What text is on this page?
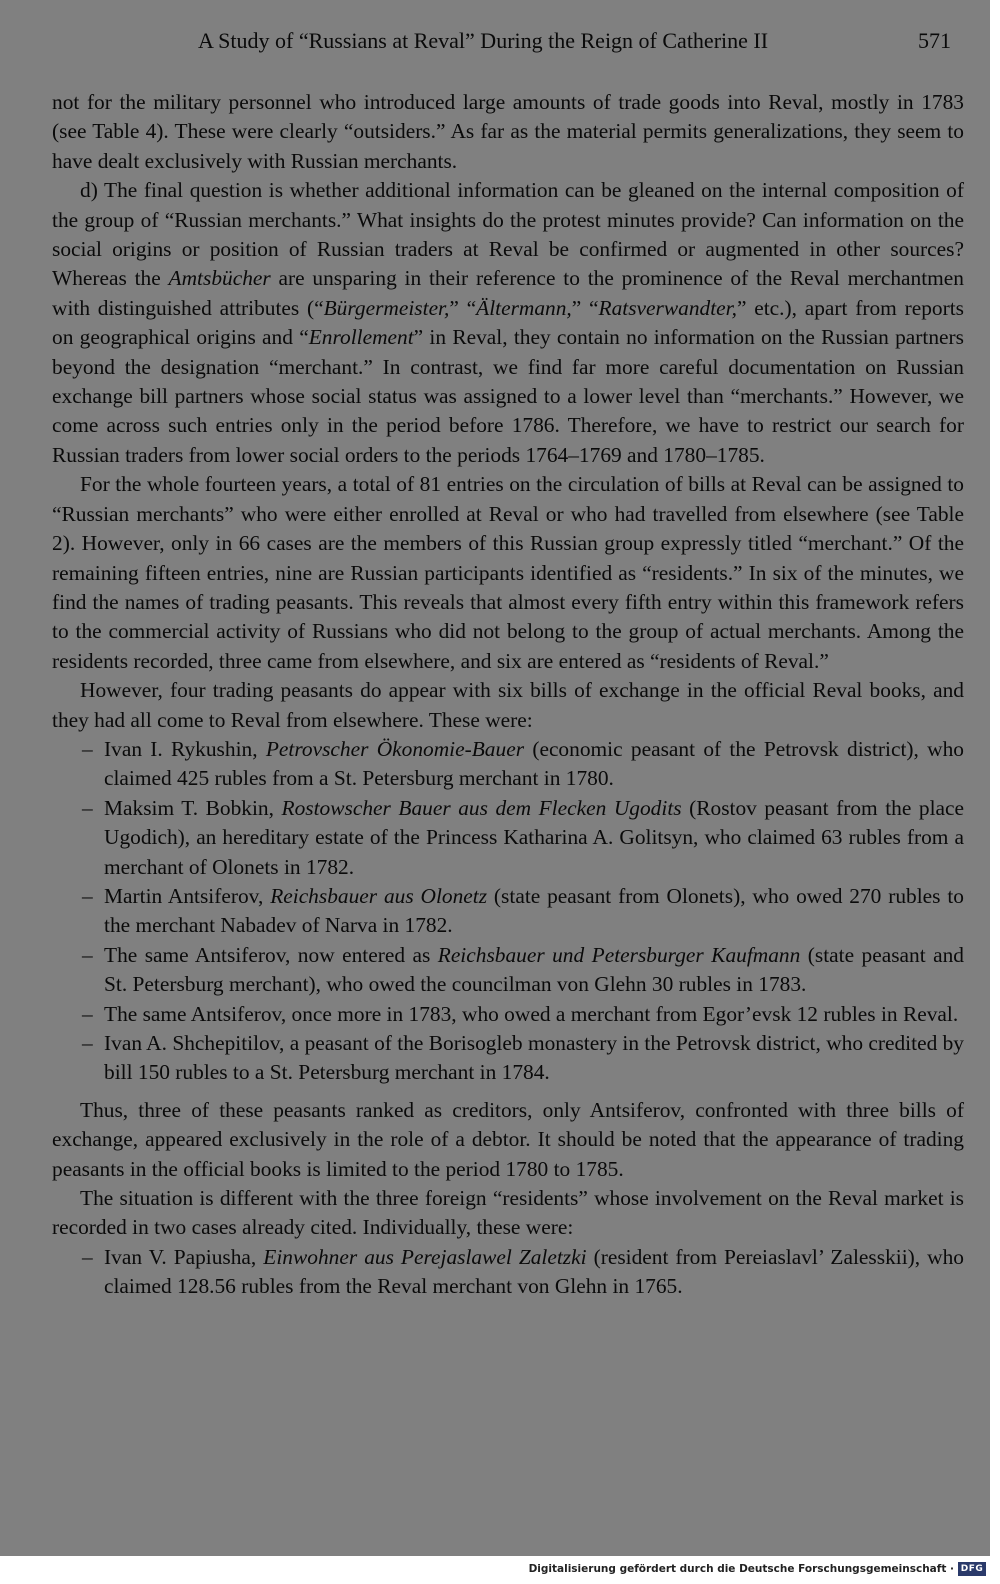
A Study of “Russians at Reval” During the Reign of Catherine II	571

not for the military personnel who introduced large amounts of trade goods into Reval, mostly in 1783 (see Table 4). These were clearly “outsiders.” As far as the material permits generalizations, they seem to have dealt exclusively with Russian merchants.

d) The final question is whether additional information can be gleaned on the internal composition of the group of “Russian merchants.” What insights do the protest minutes provide? Can information on the social origins or position of Russian traders at Reval be confirmed or augmented in other sources? Whereas the Amtsbücher are unsparing in their reference to the prominence of the Reval merchantmen with distinguished attributes (“Bürgermeister,” “Ältermann,” “Ratsverwandter,” etc.), apart from reports on geographical origins and “Enrollement” in Reval, they contain no information on the Russian partners beyond the designation “merchant.” In contrast, we find far more careful documentation on Russian exchange bill partners whose social status was assigned to a lower level than “merchants.” However, we come across such entries only in the period before 1786. Therefore, we have to restrict our search for Russian traders from lower social orders to the periods 1764–1769 and 1780–1785.

For the whole fourteen years, a total of 81 entries on the circulation of bills at Reval can be assigned to “Russian merchants” who were either enrolled at Reval or who had travelled from elsewhere (see Table 2). However, only in 66 cases are the members of this Russian group expressly titled “merchant.” Of the remaining fifteen entries, nine are Russian participants identified as “residents.” In six of the minutes, we find the names of trading peasants. This reveals that almost every fifth entry within this framework refers to the commercial activity of Russians who did not belong to the group of actual merchants. Among the residents recorded, three came from elsewhere, and six are entered as “residents of Reval.”

However, four trading peasants do appear with six bills of exchange in the official Reval books, and they had all come to Reval from elsewhere. These were:

– Ivan I. Rykushin, Petrovscher Ökonomie-Bauer (economic peasant of the Petrovsk district), who claimed 425 rubles from a St. Petersburg merchant in 1780.
– Maksim T. Bobkin, Rostowscher Bauer aus dem Flecken Ugodits (Rostov peasant from the place Ugodich), an hereditary estate of the Princess Katharina A. Golitsyn, who claimed 63 rubles from a merchant of Olonets in 1782.
– Martin Antsiferov, Reichsbauer aus Olonetz (state peasant from Olonets), who owed 270 rubles to the merchant Nabadev of Narva in 1782.
– The same Antsiferov, now entered as Reichsbauer und Petersburger Kaufmann (state peasant and St. Petersburg merchant), who owed the councilman von Glehn 30 rubles in 1783.
– The same Antsiferov, once more in 1783, who owed a merchant from Egor’evsk 12 rubles in Reval.
– Ivan A. Shchepitilov, a peasant of the Borisogleb monastery in the Petrovsk district, who credited by bill 150 rubles to a St. Petersburg merchant in 1784.

Thus, three of these peasants ranked as creditors, only Antsiferov, confronted with three bills of exchange, appeared exclusively in the role of a debtor. It should be noted that the appearance of trading peasants in the official books is limited to the period 1780 to 1785.

The situation is different with the three foreign “residents” whose involvement on the Reval market is recorded in two cases already cited. Individually, these were:

– Ivan V. Papiusha, Einwohner aus Perejaslawel Zaletzki (resident from Pereiaslavl’ Zalesskii), who claimed 128.56 rubles from the Reval merchant von Glehn in 1765.
Digitalisierung gefördert durch die Deutsche Forschungsgemeinschaft · DFG
